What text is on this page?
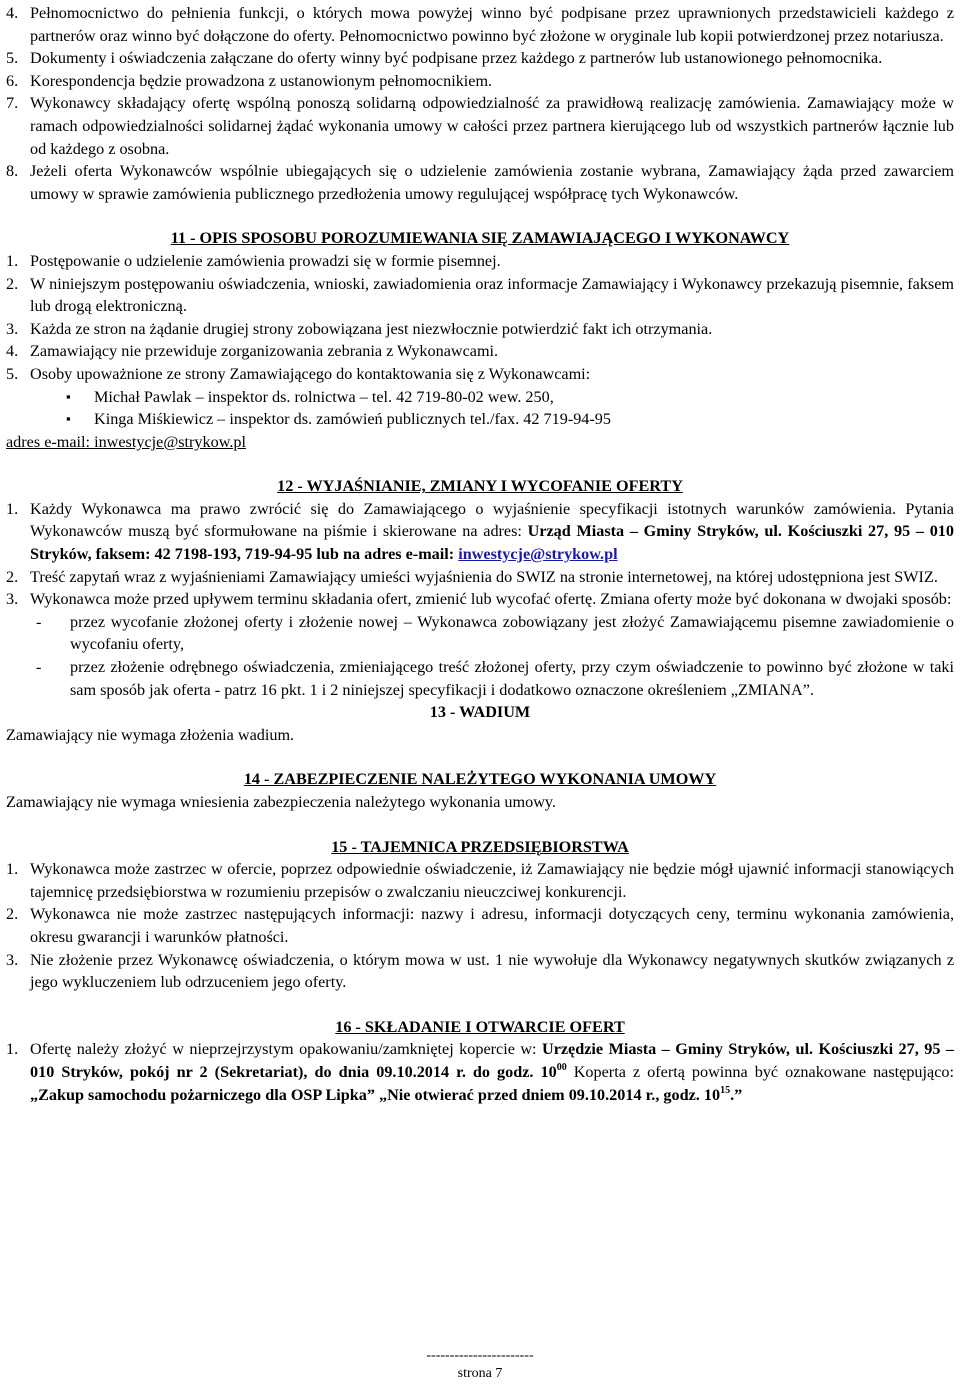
4. Pełnomocnictwo do pełnienia funkcji, o których mowa powyżej winno być podpisane przez uprawnionych przedstawicieli każdego z partnerów oraz winno być dołączone do oferty. Pełnomocnictwo powinno być złożone w oryginale lub kopii potwierdzonej przez notariusza.
5. Dokumenty i oświadczenia załączane do oferty winny być podpisane przez każdego z partnerów lub ustanowionego pełnomocnika.
6. Korespondencja będzie prowadzona z ustanowionym pełnomocnikiem.
7. Wykonawcy składający ofertę wspólną ponoszą solidarną odpowiedzialność za prawidłową realizację zamówienia. Zamawiający może w ramach odpowiedzialności solidarnej żądać wykonania umowy w całości przez partnera kierującego lub od wszystkich partnerów łącznie lub od każdego z osobna.
8. Jeżeli oferta Wykonawców wspólnie ubiegających się o udzielenie zamówienia zostanie wybrana, Zamawiający żąda przed zawarciem umowy w sprawie zamówienia publicznego przedłożenia umowy regulującej współpracę tych Wykonawców.
11 - OPIS SPOSOBU POROZUMIEWANIA SIĘ ZAMAWIAJĄCEGO I WYKONAWCY
1. Postępowanie o udzielenie zamówienia prowadzi się w formie pisemnej.
2. W niniejszym postępowaniu oświadczenia, wnioski, zawiadomienia oraz informacje Zamawiający i Wykonawcy przekazują pisemnie, faksem lub drogą elektroniczną.
3. Każda ze stron na żądanie drugiej strony zobowiązana jest niezwłocznie potwierdzić fakt ich otrzymania.
4. Zamawiający nie przewiduje zorganizowania zebrania z Wykonawcami.
5. Osoby upoważnione ze strony Zamawiającego do kontaktowania się z Wykonawcami:
▪	Michał Pawlak – inspektor ds. rolnictwa – tel. 42 719-80-02 wew. 250,
▪	Kinga Miśkiewicz – inspektor ds. zamówień publicznych tel./fax. 42 719-94-95
adres e-mail: inwestycje@strykow.pl
12 - WYJAŚNIANIE, ZMIANY I WYCOFANIE OFERTY
1. Każdy Wykonawca ma prawo zwrócić się do Zamawiającego o wyjaśnienie specyfikacji istotnych warunków zamówienia. Pytania Wykonawców muszą być sformułowane na piśmie i skierowane na adres: Urząd Miasta – Gminy Stryków, ul. Kościuszki 27, 95 – 010 Stryków, faksem: 42 7198-193, 719-94-95 lub na adres e-mail: inwestycje@strykow.pl
2. Treść zapytań wraz z wyjaśnieniami Zamawiający umieści wyjaśnienia do SWIZ na stronie internetowej, na której udostępniona jest SWIZ.
3. Wykonawca może przed upływem terminu składania ofert, zmienić lub wycofać ofertę. Zmiana oferty może być dokonana w dwojaki sposób:
-	przez wycofanie złożonej oferty i złożenie nowej – Wykonawca zobowiązany jest złożyć Zamawiającemu pisemne zawiadomienie o wycofaniu oferty,
-	przez złożenie odrębnego oświadczenia, zmieniającego treść złożonej oferty, przy czym oświadczenie to powinno być złożone w taki sam sposób jak oferta - patrz 16 pkt. 1 i 2 niniejszej specyfikacji i dodatkowo oznaczone określeniem „ZMIANA”.
13 - WADIUM
Zamawiający nie wymaga złożenia wadium.
14 - ZABEZPIECZENIE NALEŻYTEGO WYKONANIA UMOWY
Zamawiający nie wymaga wniesienia zabezpieczenia należytego wykonania umowy.
15 - TAJEMNICA PRZEDSIĘBIORSTWA
1. Wykonawca może zastrzec w ofercie, poprzez odpowiednie oświadczenie, iż Zamawiający nie będzie mógł ujawnić informacji stanowiących tajemnicę przedsiębiorstwa w rozumieniu przepisów o zwalczaniu nieuczciwej konkurencji.
2. Wykonawca nie może zastrzec następujących informacji: nazwy i adresu, informacji dotyczących ceny, terminu wykonania zamówienia, okresu gwarancji i warunków płatności.
3. Nie złożenie przez Wykonawcę oświadczenia, o którym mowa w ust. 1 nie wywołuje dla Wykonawcy negatywnych skutków związanych z jego wykluczeniem lub odrzuceniem jego oferty.
16 - SKŁADANIE I OTWARCIE OFERT
1. Ofertę należy złożyć w nieprzejrzystym opakowaniu/zamkniętej kopercie w: Urzędzie Miasta – Gminy Stryków, ul. Kościuszki 27, 95 – 010 Stryków, pokój nr 2 (Sekretariat), do dnia 09.10.2014 r. do godz. $10^{00}$ Koperta z ofertą powinna być oznakowane następująco: „Zakup samochodu pożarniczego dla OSP Lipka” „Nie otwierać przed dniem 09.10.2014 r., godz. $10^{15}$.”
-----------------------
strona 7
